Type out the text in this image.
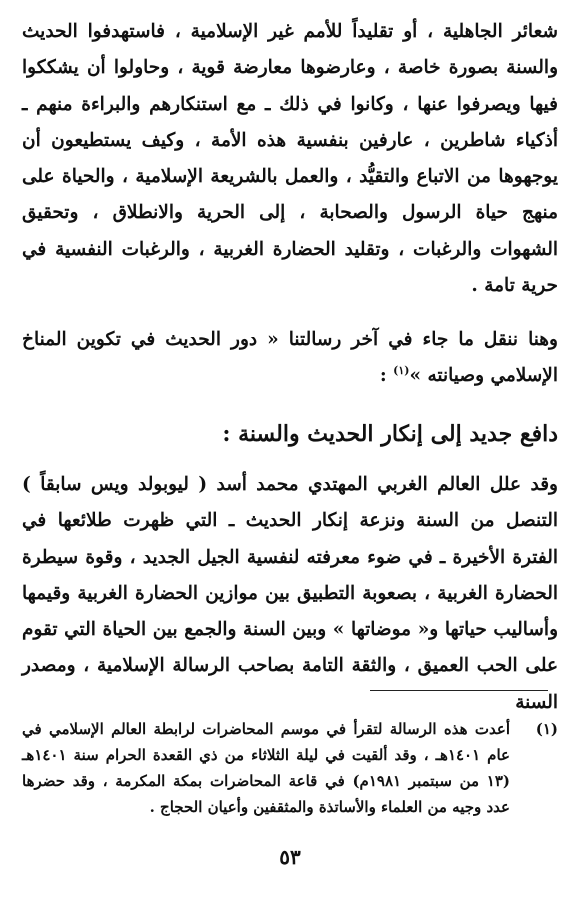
شعائر الجاهلية ، أو تقليداً للأمم غير الإسلامية ، فاستهدفوا الحديث والسنة بصورة خاصة ، وعارضوها معارضة قوية ، وحاولوا أن يشككوا فيها ويصرفوا عنها ، وكانوا في ذلك ـ مع استنكارهم والبراءة منهم ـ أذكياء شاطرين ، عارفين بنفسية هذه الأمة ، وكيف يستطيعون أن يوجهوها من الاتباع والتقيُّد ، والعمل بالشريعة الإسلامية ، والحياة على منهج حياة الرسول والصحابة ، إلى الحرية والانطلاق ، وتحقيق الشهوات والرغبات ، وتقليد الحضارة الغربية ، والرغبات النفسية في حرية تامة .

وهنا ننقل ما جاء في آخر رسالتنا « دور الحديث في تكوين المناخ الإسلامي وصيانته »$^{(١)}$ :

دافع جديد إلى إنكار الحديث والسنة :

وقد علل العالم الغربي المهتدي محمد أسد ( ليوبولد ويس سابقاً ) التنصل من السنة ونزعة إنكار الحديث ـ التي ظهرت طلائعها في الفترة الأخيرة ـ في ضوء معرفته لنفسية الجيل الجديد ، وقوة سيطرة الحضارة الغربية ، بصعوبة التطبيق بين موازين الحضارة الغربية وقيمها وأساليب حياتها و« موضاتها » وبين السنة والجمع بين الحياة التي تقوم على الحب العميق ، والثقة التامة بصاحب الرسالة الإسلامية ، ومصدر السنة

(١)
أعدت هذه الرسالة لتقرأ في موسم المحاضرات لرابطة العالم الإسلامي في عام ١٤٠١هـ ، وقد ألقيت في ليلة الثلاثاء من ذي القعدة الحرام سنة ١٤٠١هـ (١٣ من سبتمبر ١٩٨١م) في قاعة المحاضرات بمكة المكرمة ، وقد حضرها عدد وجيه من العلماء والأساتذة والمثقفين وأعيان الحجاج .
٥٣
